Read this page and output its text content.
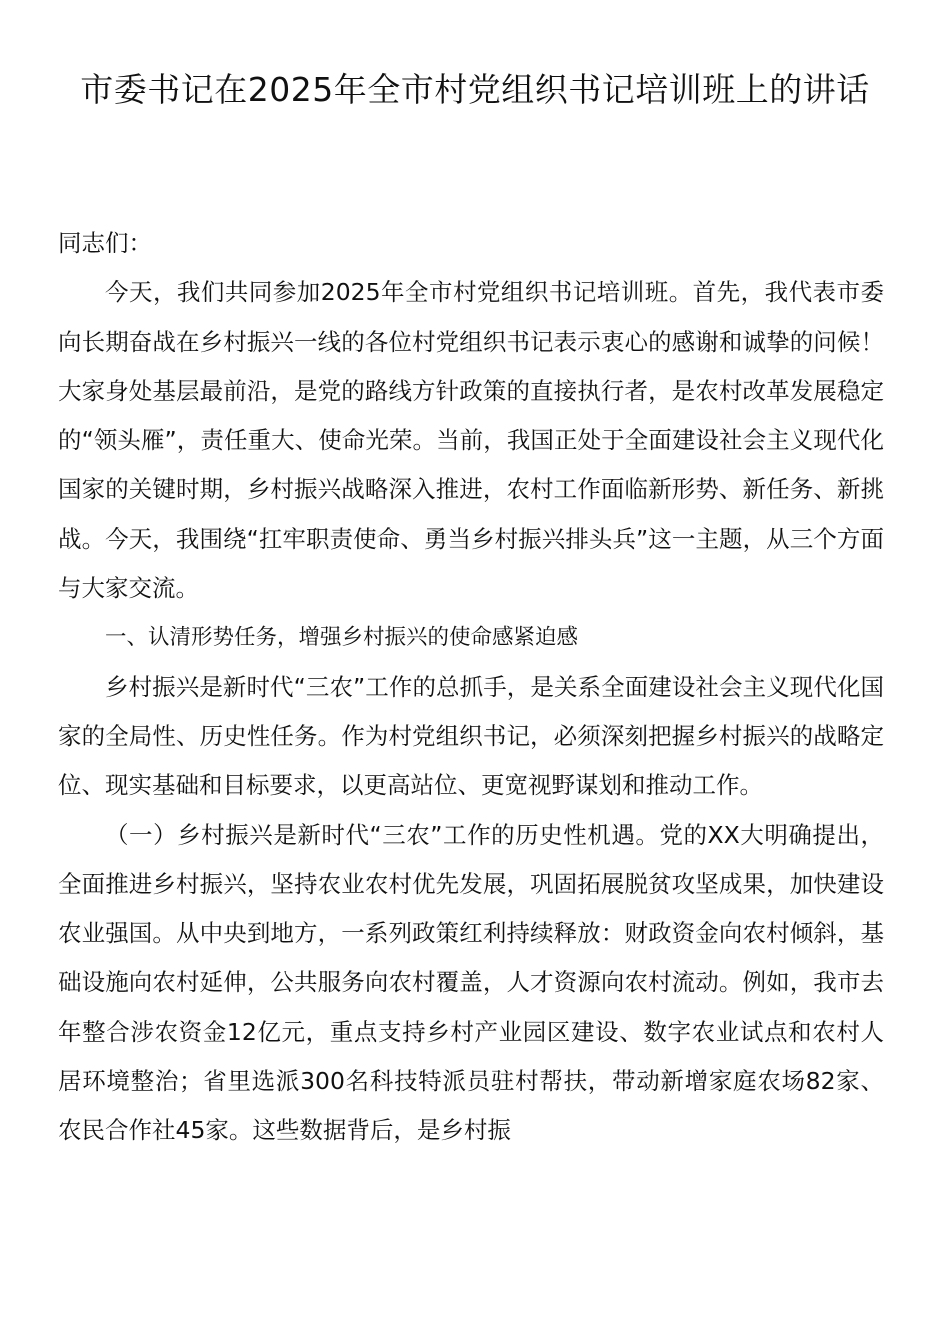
市委书记在2025年全市村党组织书记培训班上的讲话

同志们：

今天，我们共同参加2025年全市村党组织书记培训班。首先，我代表市委向长期奋战在乡村振兴一线的各位村党组织书记表示衷心的感谢和诚挚的问候！大家身处基层最前沿，是党的路线方针政策的直接执行者，是农村改革发展稳定的“领头雁”，责任重大、使命光荣。当前，我国正处于全面建设社会主义现代化国家的关键时期，乡村振兴战略深入推进，农村工作面临新形势、新任务、新挑战。今天，我围绕“扛牢职责使命、勇当乡村振兴排头兵”这一主题，从三个方面与大家交流。

一、认清形势任务，增强乡村振兴的使命感紧迫感

乡村振兴是新时代“三农”工作的总抓手，是关系全面建设社会主义现代化国家的全局性、历史性任务。作为村党组织书记，必须深刻把握乡村振兴的战略定位、现实基础和目标要求，以更高站位、更宽视野谋划和推动工作。

（一）乡村振兴是新时代“三农”工作的历史性机遇。党的XX大明确提出，全面推进乡村振兴，坚持农业农村优先发展，巩固拓展脱贫攻坚成果，加快建设农业强国。从中央到地方，一系列政策红利持续释放：财政资金向农村倾斜，基础设施向农村延伸，公共服务向农村覆盖，人才资源向农村流动。例如，我市去年整合涉农资金12亿元，重点支持乡村产业园区建设、数字农业试点和农村人居环境整治；省里选派300名科技特派员驻村帮扶，带动新增家庭农场82家、农民合作社45家。这些数据背后，是乡村振
